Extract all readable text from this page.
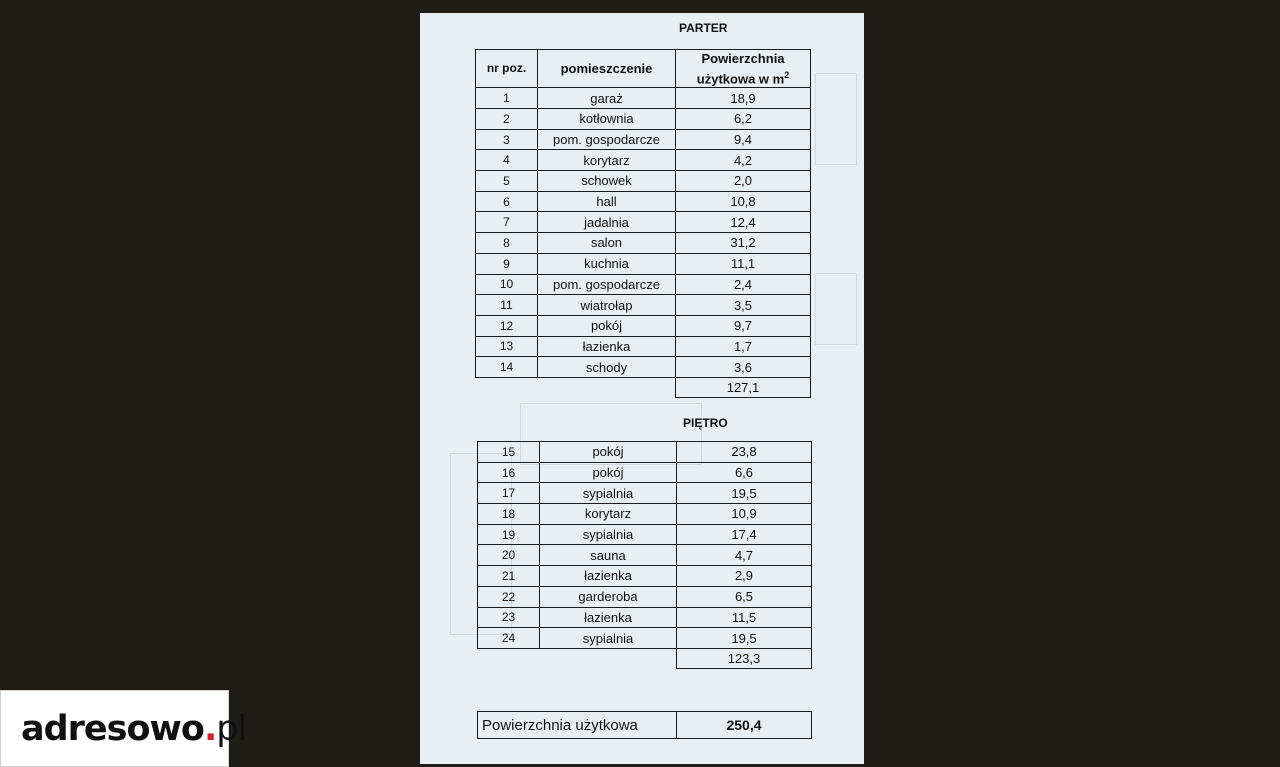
PARTER
nr poz.	pomieszczenie	Powierzchnia
użytkowa w $m^2$
1	garaż	18,9
2	kotłownia	6,2
3	pom. gospodarcze	9,4
4	korytarz	4,2
5	schowek	2,0
6	hall	10,8
7	jadalnia	12,4
8	salon	31,2
9	kuchnia	11,1
10	pom. gospodarcze	2,4
11	wiatrołap	3,5
12	pokój	9,7
13	łazienka	1,7
14	schody	3,6
		127,1
PIĘTRO
15	pokój	23,8
16	pokój	6,6
17	sypialnia	19,5
18	korytarz	10,9
19	sypialnia	17,4
20	sauna	4,7
21	łazienka	2,9
22	garderoba	6,5
23	łazienka	11,5
24	sypialnia	19,5
		123,3
Powierzchnia użytkowa	250,4
adresowo.pl
